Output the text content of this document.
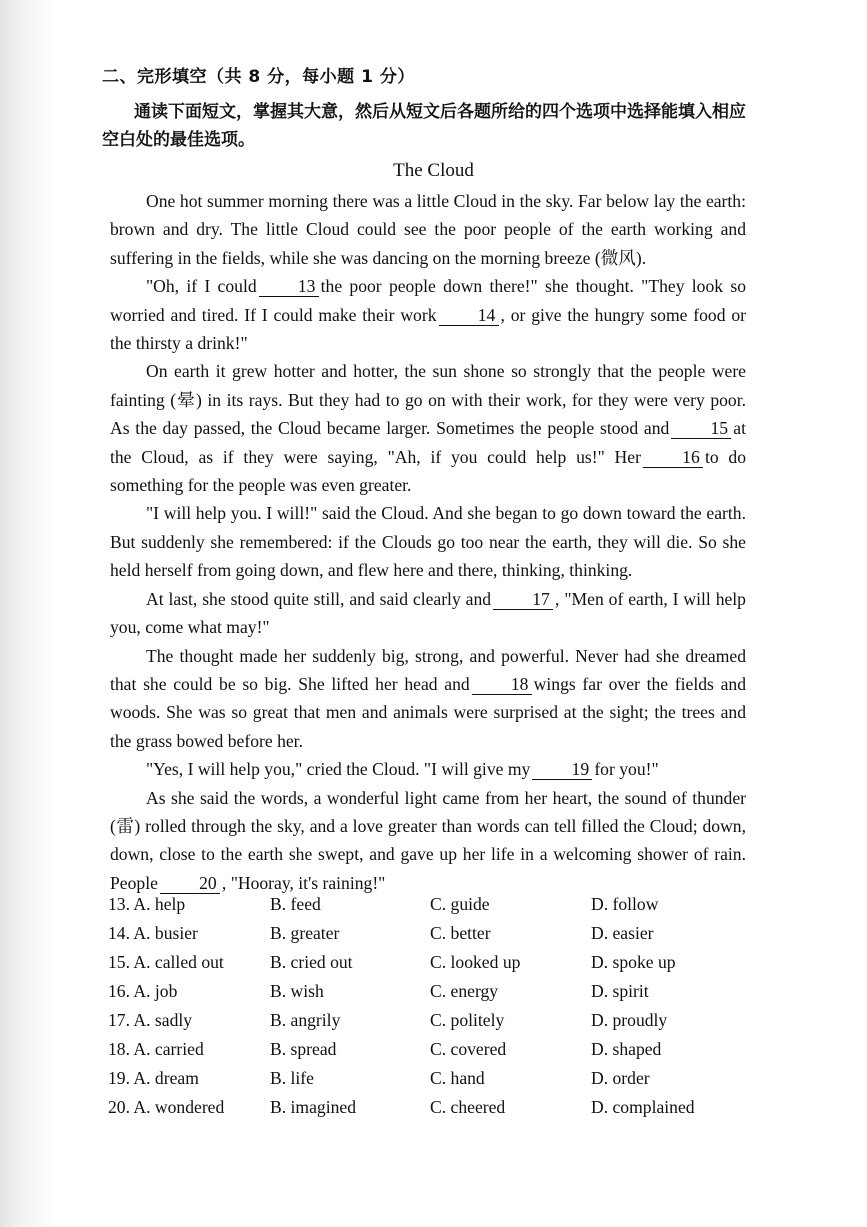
二、完形填空（共 8 分，每小题 1 分）
通读下面短文，掌握其大意，然后从短文后各题所给的四个选项中选择能填入相应空白处的最佳选项。
The Cloud

One hot summer morning there was a little Cloud in the sky. Far below lay the earth: brown and dry. The little Cloud could see the poor people of the earth working and suffering in the fields, while she was dancing on the morning breeze (微风).

"Oh, if I could 13 the poor people down there!" she thought. "They look so worried and tired. If I could make their work 14 , or give the hungry some food or the thirsty a drink!"

On earth it grew hotter and hotter, the sun shone so strongly that the people were fainting (晕) in its rays. But they had to go on with their work, for they were very poor. As the day passed, the Cloud became larger. Sometimes the people stood and 15 at the Cloud, as if they were saying, "Ah, if you could help us!" Her 16 to do something for the people was even greater.

"I will help you. I will!" said the Cloud. And she began to go down toward the earth. But suddenly she remembered: if the Clouds go too near the earth, they will die. So she held herself from going down, and flew here and there, thinking, thinking.

At last, she stood quite still, and said clearly and 17 , "Men of earth, I will help you, come what may!"

The thought made her suddenly big, strong, and powerful. Never had she dreamed that she could be so big. She lifted her head and 18 wings far over the fields and woods. She was so great that men and animals were surprised at the sight; the trees and the grass bowed before her.

"Yes, I will help you," cried the Cloud. "I will give my 19 for you!"

As she said the words, a wonderful light came from her heart, the sound of thunder (雷) rolled through the sky, and a love greater than words can tell filled the Cloud; down, down, close to the earth she swept, and gave up her life in a welcoming shower of rain. People 20 , "Hooray, it's raining!"

13. A. help	B. feed	C. guide	D. follow
14. A. busier	B. greater	C. better	D. easier
15. A. called out	B. cried out	C. looked up	D. spoke up
16. A. job	B. wish	C. energy	D. spirit
17. A. sadly	B. angrily	C. politely	D. proudly
18. A. carried	B. spread	C. covered	D. shaped
19. A. dream	B. life	C. hand	D. order
20. A. wondered	B. imagined	C. cheered	D. complained
